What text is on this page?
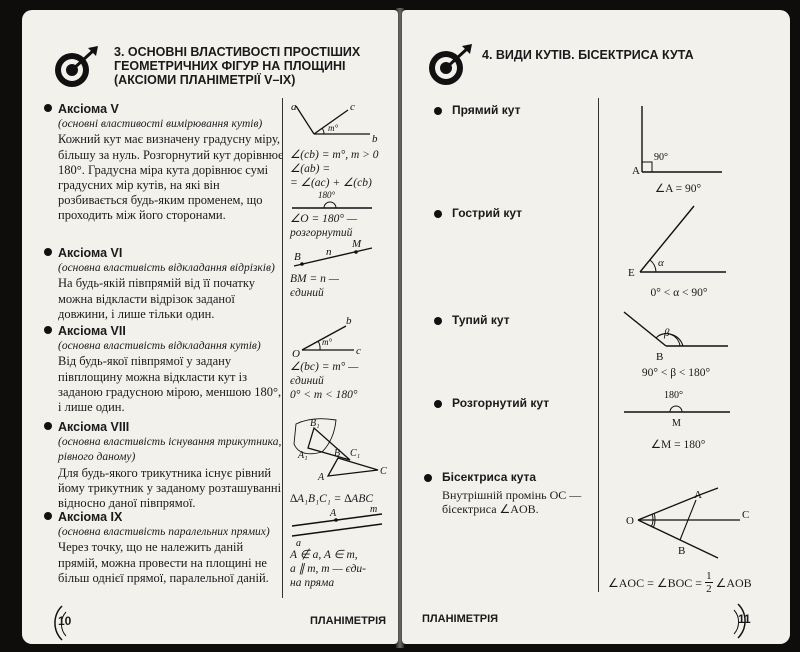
3. ОСНОВНІ ВЛАСТИВОСТІ ПРОСТІШИХ
ГЕОМЕТРИЧНИХ ФІГУР НА ПЛОЩИНІ
(АКСІОМИ ПЛАНІМЕТРІЇ V–IX)
Аксіома V
(основні властивості вимірювання кутів)
Кожний кут має визначену градусну міру, більшу за нуль. Розгорнутий кут дорівнює 180°. Градусна міра кута дорівнює сумі градусних мір кутів, на які він розбивається будь-яким променем, що проходить між його сторонами.
a	c
b
m°
∠(cb) = m°, m > 0
∠(ab) =
= ∠(ac) + ∠(cb)
180°
∠O = 180° —
розгорнутий
Аксіома VI
(основна властивість відкладання відрізків)
На будь-якій півпрямій від її початку можна відкласти відрізок заданої довжини, і лише тільки один.
B n
M
BM = n —
єдиний
Аксіома VII
(основна властивість відкладання кутів)
Від будь-якої півпрямої у задану півплощину можна відкласти кут із заданою градусною мірою, меншою 180°, і лише один.
b
O	c
m°
∠(bc) = m° —
єдиний
0° < m < 180°
Аксіома VIII
(основна властивість існування трикутника, рівного даному)
Для будь-якого трикутника існує рівний йому трикутник у заданому розташуванні відносно даної півпрямої.
B₁
A₁	C₁
A
B
C
∆A₁B₁C₁ = ∆ABC
Аксіома IX
(основна властивість паралельних прямих)
Через точку, що не належить даній прямій, можна провести на площині не більш однієї прямої, паралельної даній.
A	m
a
A ∉ a, A ∈ m,
a ∥ m, m — єди-
на пряма
10	ПЛАНІМЕТРІЯ
4. ВИДИ КУТІВ. БІСЕКТРИСА КУТА
Прямий кут
A
90°
∠A = 90°
Гострий кут
E
α
0° < α < 90°
Тупий кут
B
β
90° < β < 180°
Розгорнутий кут
180°
M
∠M = 180°
Бісектриса кута
Внутрішній промінь OC —
бісектриса ∠AOB.
O
A
B
C
∠AOC = ∠BOC = $\frac{1}{2}$ ∠AOB
ПЛАНІМЕТРІЯ	11
